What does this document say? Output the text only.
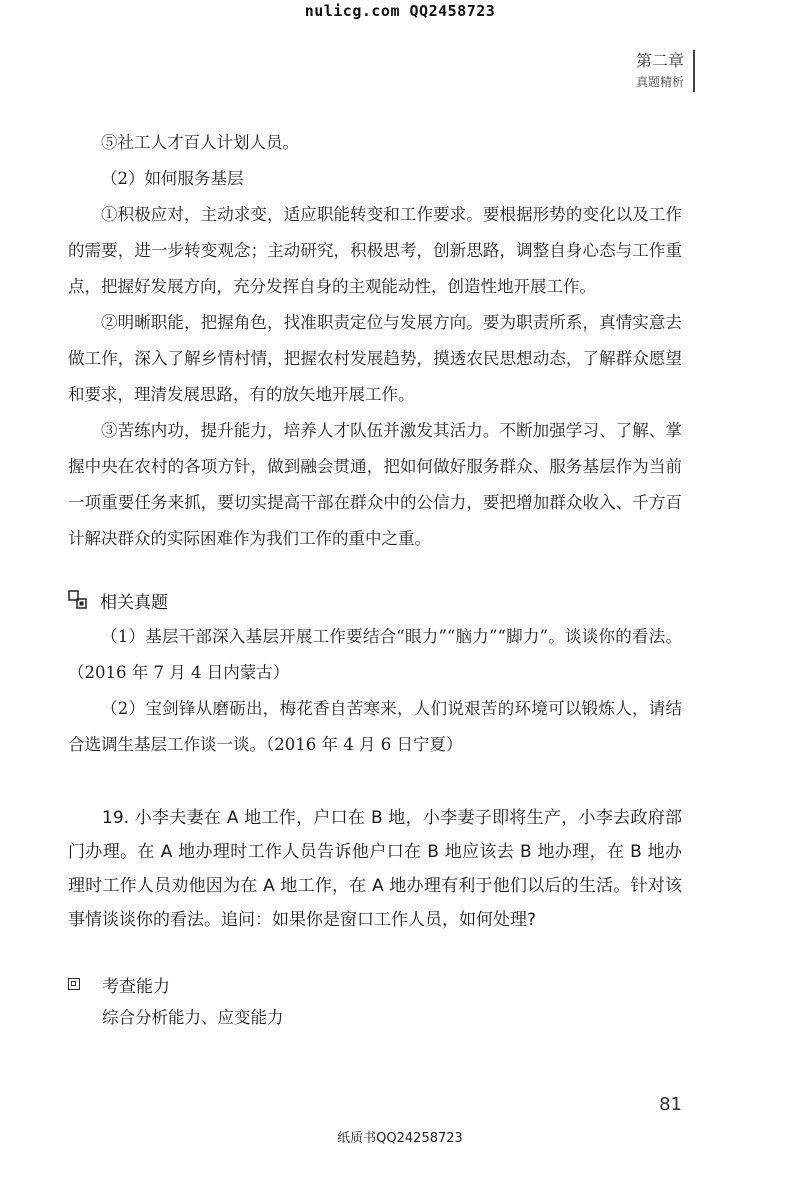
nulicg.com QQ2458723
第二章
真题精析

⑤社工人才百人计划人员。

（2）如何服务基层

①积极应对，主动求变，适应职能转变和工作要求。要根据形势的变化以及工作的需要，进一步转变观念；主动研究，积极思考，创新思路，调整自身心态与工作重点，把握好发展方向，充分发挥自身的主观能动性，创造性地开展工作。

②明晰职能，把握角色，找准职责定位与发展方向。要为职责所系，真情实意去做工作，深入了解乡情村情，把握农村发展趋势，摸透农民思想动态，了解群众愿望和要求，理清发展思路，有的放矢地开展工作。

③苦练内功，提升能力，培养人才队伍并激发其活力。不断加强学习、了解、掌握中央在农村的各项方针，做到融会贯通，把如何做好服务群众、服务基层作为当前一项重要任务来抓，要切实提高干部在群众中的公信力，要把增加群众收入、千方百计解决群众的实际困难作为我们工作的重中之重。

相关真题

（1）基层干部深入基层开展工作要结合“眼力”“脑力”“脚力”。谈谈你的看法。（2016 年 7 月 4 日内蒙古）

（2）宝剑锋从磨砺出，梅花香自苦寒来，人们说艰苦的环境可以锻炼人，请结合选调生基层工作谈一谈。（2016 年 4 月 6 日宁夏）

19. 小李夫妻在 A 地工作，户口在 B 地，小李妻子即将生产，小李去政府部门办理。在 A 地办理时工作人员告诉他户口在 B 地应该去 B 地办理，在 B 地办理时工作人员劝他因为在 A 地工作，在 A 地办理有利于他们以后的生活。针对该事情谈谈你的看法。追问：如果你是窗口工作人员，如何处理?
考查能力
综合分析能力、应变能力
81
纸质书QQ24258723
